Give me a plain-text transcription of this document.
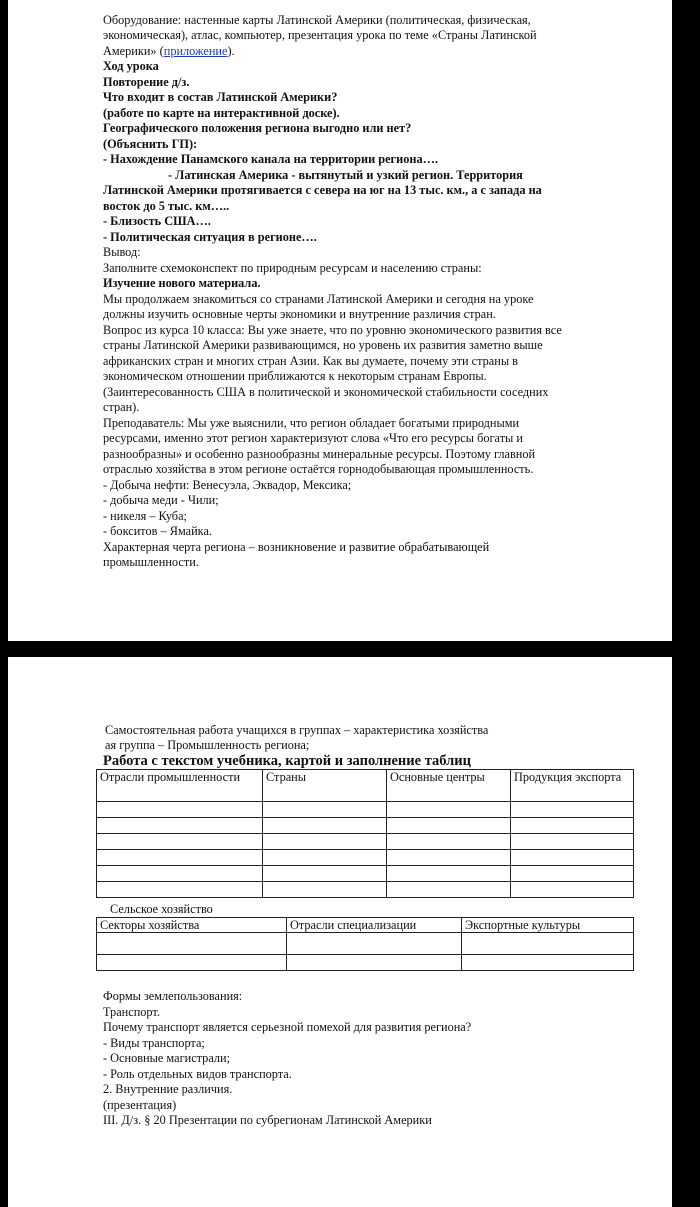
Оборудование: настенные карты Латинской Америки (политическая, физическая,
экономическая), атлас, компьютер, презентация урока по теме «Страны Латинской
Америки» (приложение).
Ход урока
Повторение д/з.
Что входит в состав Латинской Америки?
(работе по карте на интерактивной доске).
Географического положения региона выгодно или нет?
(Объяснить ГП):
- Нахождение Панамского канала на территории региона….
- Латинская Америка - вытянутый и узкий регион. Территория
Латинской Америки протягивается с севера на юг на 13 тыс. км., а с запада на
восток до 5 тыс. км…..
- Близость США….
- Политическая ситуация в регионе….
Вывод:
Заполните схемоконспект по природным ресурсам и населению страны:
Изучение нового материала.
Мы продолжаем знакомиться со странами Латинской Америки и сегодня на уроке
должны изучить основные черты экономики и внутренние различия стран.
Вопрос из курса 10 класса: Вы уже знаете, что по уровню экономического развития все
страны Латинской Америки развивающимся, но уровень их развития заметно выше
африканских стран и многих стран Азии. Как вы думаете, почему эти страны в
экономическом отношении приближаются к некоторым странам Европы.
(Заинтересованность США в политической и экономической стабильности соседних
стран).
Преподаватель: Мы уже выяснили, что регион обладает богатыми природными
ресурсами, именно этот регион характеризуют слова «Что его ресурсы богаты и
разнообразны» и особенно разнообразны минеральные ресурсы. Поэтому главной
отраслью хозяйства в этом регионе остаётся горнодобывающая промышленность.
- Добыча нефти: Венесуэла, Эквадор, Мексика;
- добыча меди - Чили;
- никеля – Куба;
- бокситов – Ямайка.
Характерная черта региона – возникновение и развитие обрабатывающей
промышленности.
Самостоятельная работа учащихся в группах – характеристика хозяйства
ая группа – Промышленность региона;
Работа с текстом учебника, картой и заполнение таблиц
Отрасли промышленности	Страны	Основные центры	Продукция экспорта

Сельское хозяйство
Секторы хозяйства	Отрасли специализации	Экспортные культуры

Формы землепользования:
Транспорт.
Почему транспорт является серьезной помехой для развития региона?
- Виды транспорта;
- Основные магистрали;
- Роль отдельных видов транспорта.
2. Внутренние различия.
(презентация)
III. Д/з. § 20 Презентации по субрегионам Латинской Америки
